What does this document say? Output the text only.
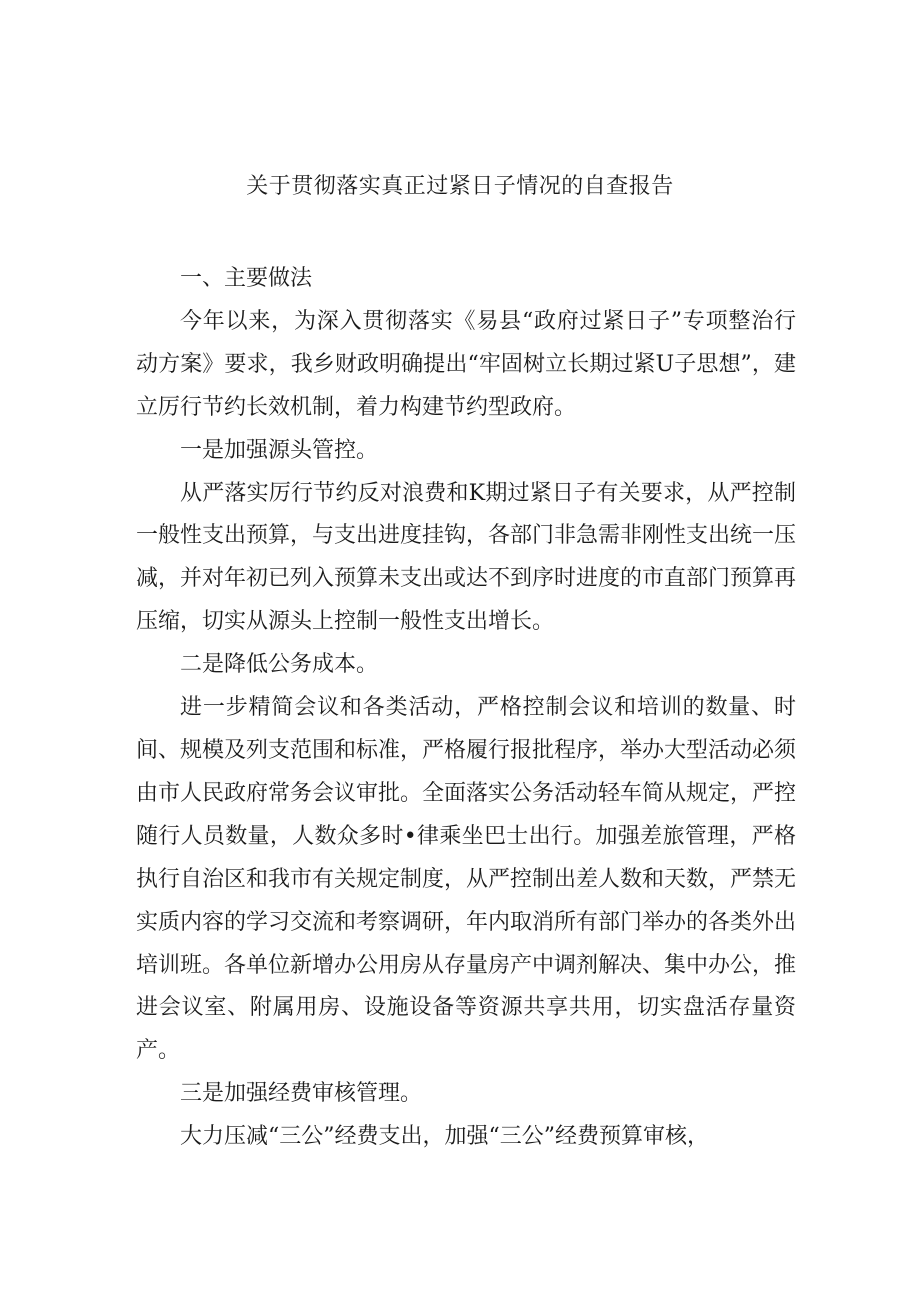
关于贯彻落实真正过紧日子情况的自查报告

一、主要做法

今年以来，为深入贯彻落实《易县“政府过紧日子”专项整治行动方案》要求，我乡财政明确提出“牢固树立长期过紧U子思想”，建立厉行节约长效机制，着力构建节约型政府。

一是加强源头管控。

从严落实厉行节约反对浪费和K期过紧日子有关要求，从严控制一般性支出预算，与支出进度挂钩，各部门非急需非刚性支出统一压减，并对年初已列入预算未支出或达不到序时进度的市直部门预算再压缩，切实从源头上控制一般性支出增长。

二是降低公务成本。

进一步精简会议和各类活动，严格控制会议和培训的数量、时间、规模及列支范围和标准，严格履行报批程序，举办大型活动必须由市人民政府常务会议审批。全面落实公务活动轻车简从规定，严控随行人员数量，人数众多时•律乘坐巴士出行。加强差旅管理，严格执行自治区和我市有关规定制度，从严控制出差人数和天数，严禁无实质内容的学习交流和考察调研，年内取消所有部门举办的各类外出培训班。各单位新增办公用房从存量房产中调剂解决、集中办公，推进会议室、附属用房、设施设备等资源共享共用，切实盘活存量资产。

三是加强经费审核管理。

大力压减“三公”经费支出，加强“三公”经费预算审核，
